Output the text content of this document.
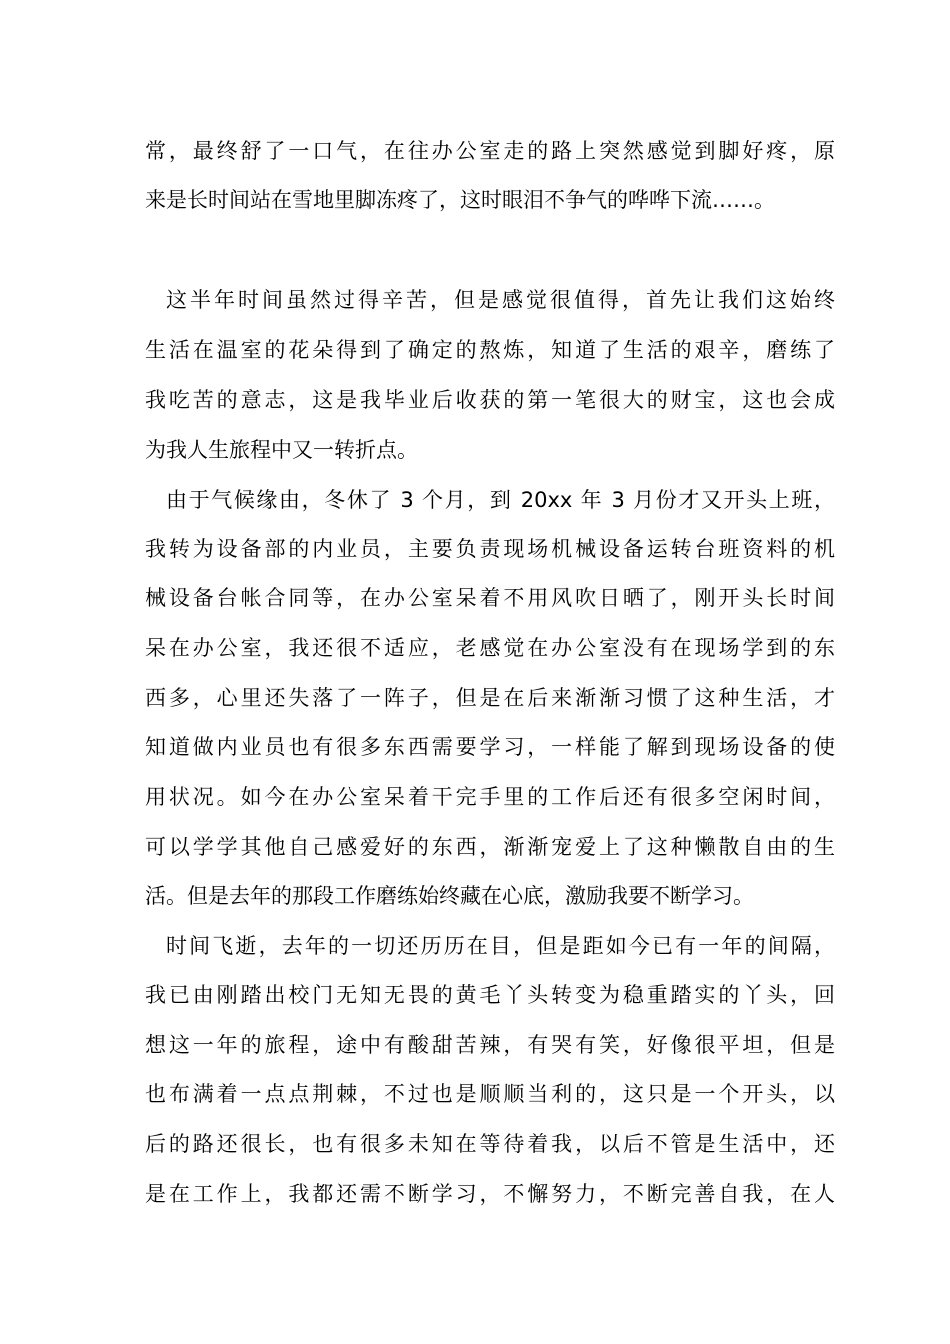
常，最终舒了一口气，在往办公室走的路上突然感觉到脚好疼，原
来是长时间站在雪地里脚冻疼了，这时眼泪不争气的哗哗下流……。
这半年时间虽然过得辛苦，但是感觉很值得，首先让我们这始终
生活在温室的花朵得到了确定的熬炼，知道了生活的艰辛，磨练了
我吃苦的意志，这是我毕业后收获的第一笔很大的财宝，这也会成
为我人生旅程中又一转折点。
由于气候缘由，冬休了 3 个月，到 20xx 年 3 月份才又开头上班，
我转为设备部的内业员，主要负责现场机械设备运转台班资料的机
械设备台帐合同等，在办公室呆着不用风吹日晒了，刚开头长时间
呆在办公室，我还很不适应，老感觉在办公室没有在现场学到的东
西多，心里还失落了一阵子，但是在后来渐渐习惯了这种生活，才
知道做内业员也有很多东西需要学习，一样能了解到现场设备的使
用状况。如今在办公室呆着干完手里的工作后还有很多空闲时间，
可以学学其他自己感爱好的东西，渐渐宠爱上了这种懒散自由的生
活。但是去年的那段工作磨练始终藏在心底，激励我要不断学习。
时间飞逝，去年的一切还历历在目，但是距如今已有一年的间隔，
我已由刚踏出校门无知无畏的黄毛丫头转变为稳重踏实的丫头，回
想这一年的旅程，途中有酸甜苦辣，有哭有笑，好像很平坦，但是
也布满着一点点荆棘，不过也是顺顺当利的，这只是一个开头，以
后的路还很长，也有很多未知在等待着我，以后不管是生活中，还
是在工作上，我都还需不断学习，不懈努力，不断完善自我，在人
